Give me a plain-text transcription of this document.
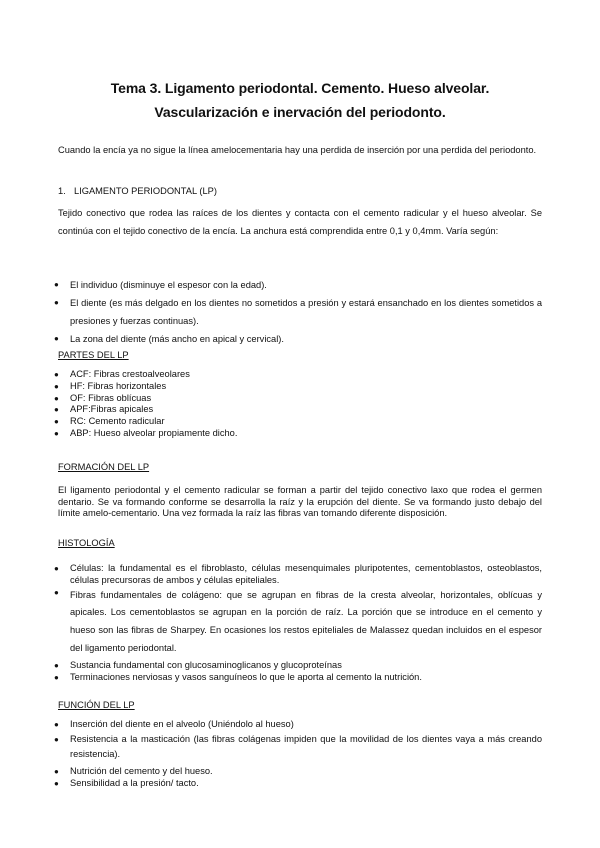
Tema 3. Ligamento periodontal. Cemento. Hueso alveolar.
Vascularización e inervación del periodonto.
Cuando la encía ya no sigue la línea amelocementaria hay una perdida de inserción por una perdida del periodonto.
1. LIGAMENTO PERIODONTAL (LP)
Tejido conectivo que rodea las raíces de los dientes y contacta con el cemento radicular y el hueso alveolar. Se continúa con el tejido conectivo de la encía. La anchura está comprendida entre 0,1 y 0,4mm. Varía según:
● El individuo (disminuye el espesor con la edad).
● El diente (es más delgado en los dientes no sometidos a presión y estará ensanchado en los dientes sometidos a presiones y fuerzas continuas).
● La zona del diente (más ancho en apical y cervical).
PARTES DEL LP
● ACF: Fibras crestoalveolares
● HF: Fibras horizontales
● OF: Fibras oblícuas
● APF:Fibras apicales
● RC: Cemento radicular
● ABP: Hueso alveolar propiamente dicho.
FORMACIÓN DEL LP
El ligamento periodontal y el cemento radicular se forman a partir del tejido conectivo laxo que rodea el germen dentario. Se va formando conforme se desarrolla la raíz y la erupción del diente. Se va formando justo debajo del límite amelo-cementario. Una vez formada la raíz las fibras van tomando diferente disposición.
HISTOLOGÍA
● Células: la fundamental es el fibroblasto, células mesenquimales pluripotentes, cementoblastos, osteoblastos, células precursoras de ambos y células epiteliales.
● Fibras fundamentales de colágeno: que se agrupan en fibras de la cresta alveolar, horizontales, oblícuas y apicales. Los cementoblastos se agrupan en la porción de raíz. La porción que se introduce en el cemento y hueso son las fibras de Sharpey. En ocasiones los restos epiteliales de Malassez quedan incluidos en el espesor del ligamento periodontal.
● Sustancia fundamental con glucosaminoglicanos y glucoproteínas
● Terminaciones nerviosas y vasos sanguíneos lo que le aporta al cemento la nutrición.
FUNCIÓN DEL LP
● Inserción del diente en el alveolo (Uniéndolo al hueso)
● Resistencia a la masticación (las fibras colágenas impiden que la movilidad de los dientes vaya a más creando resistencia).
● Nutrición del cemento y del hueso.
● Sensibilidad a la presión/ tacto.
